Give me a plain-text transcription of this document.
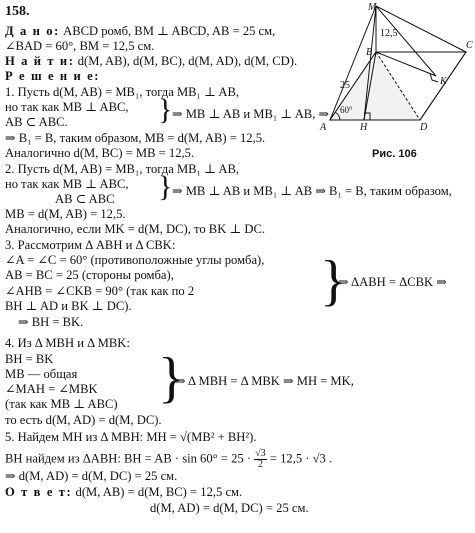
158.
Д а н о: ABCD ромб, BM ⊥ ABCD, AB = 25 см,
∠BAD = 60°, BM = 12,5 см.
Н а й т и: d(M, AB), d(M, BC), d(M, AD), d(M, CD).
Р е ш е н и е:
1. Пусть d(M, AB) = MB₁, тогда MB₁ ⊥ AB,
но так как MB ⊥ ABC,
AB ⊂ ABC.	} ⇒ MB ⊥ AB и MB₁ ⊥ AB, ⇒
⇒ B₁ = B, таким образом, MB = d(M, AB) = 12,5.
Аналогично d(M, BC) = MB = 12,5.
2. Пусть d(M, AB) = MB₁, тогда MB₁ ⊥ AB,
но так как MB ⊥ ABC,
AB ⊂ ABC } ⇒ MB ⊥ AB и MB₁ ⊥ AB ⇒ B₁ = B, таким образом,
MB = d(M, AB) = 12,5.
Аналогично, если MK = d(M, DC), то BK ⊥ DC.
3. Рассмотрим Δ ABH и Δ CBK:
∠A = ∠C = 60° (противоположные углы ромба),
AB = BC = 25 (стороны ромба),
∠AHB = ∠CKB = 90° (так как по 2
BH ⊥ AD и BK ⊥ DC).	}
⇒ ΔABH = ΔCBK ⇒
⇒ BH = BK.
4. Из Δ MBH и Δ MBK:
BH = BK
MB — общая
∠MAH = ∠MBK
(так как MB ⊥ ABC) }
⇒ Δ MBH = Δ MBK ⇒ MH = MK,
то есть d(M, AD) = d(M, DC).
5. Найдем MH из Δ MBH: MH = √(MB² + BH²).
BH найдем из ΔABH: BH = AB · $\sin 60^\circ = 25 \cdot \frac{√3}{2} = 12,5 \cdot √3$ .
⇒ d(M, AD) = d(M, DC) = 25 см.
О т в е т: d(M, AB) = d(M, BC) = 12,5 см.
d(M, AD) = d(M, DC) = 25 см.
M
12,5
B
C
K
25
60°
A	H	D
Рис. 106
